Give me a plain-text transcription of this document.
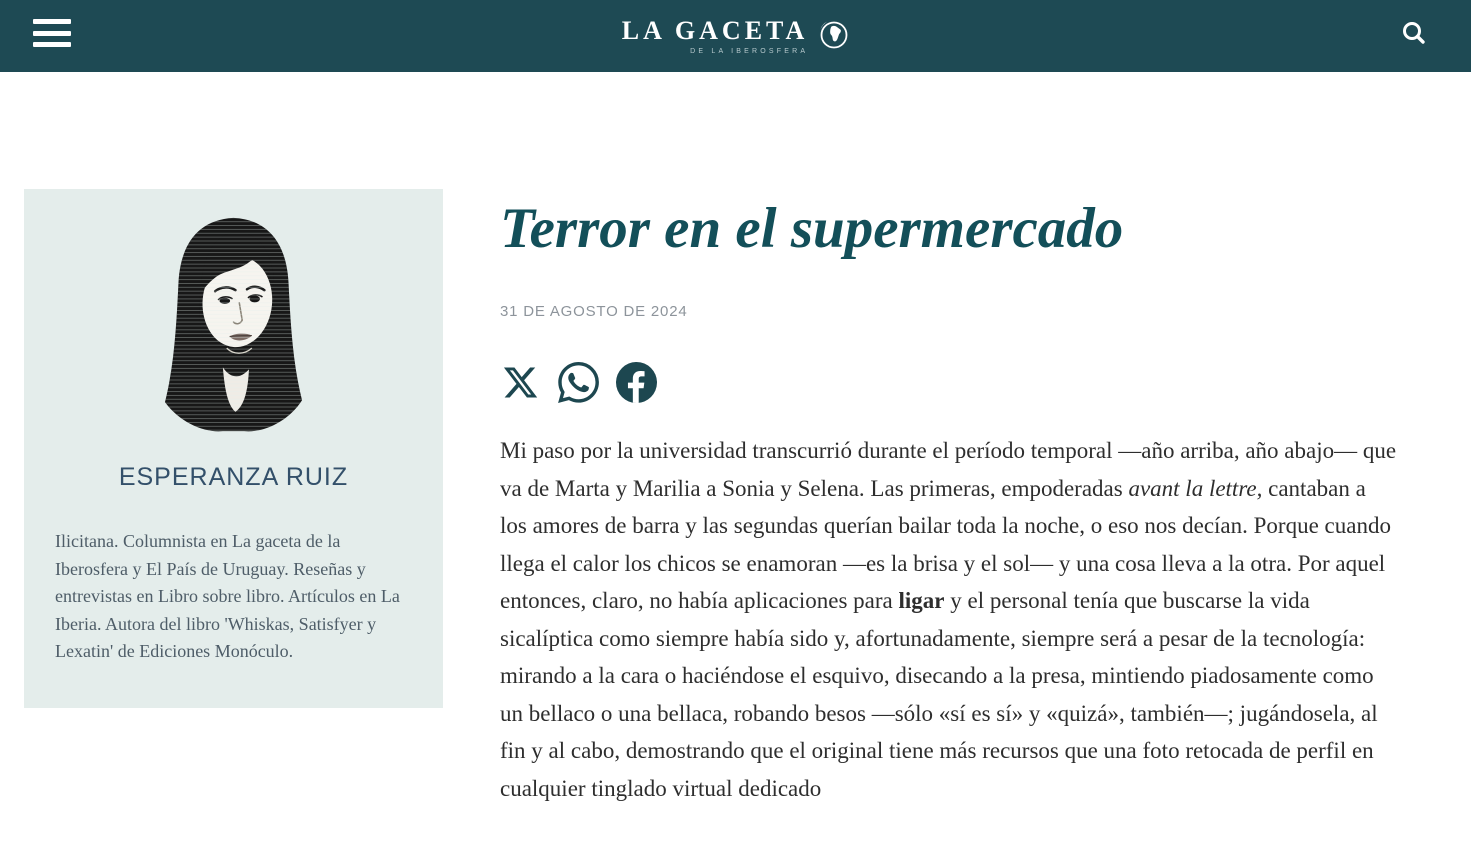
LA GACETA
DE LA IBEROSFERA
ESPERANZA RUIZ

Ilicitana. Columnista en La gaceta de la Iberosfera y El País de Uruguay. Reseñas y entrevistas en Libro sobre libro. Artículos en La Iberia. Autora del libro 'Whiskas, Satisfyer y Lexatin' de Ediciones Monóculo.

Terror en el supermercado
31 DE AGOSTO DE 2024

Mi paso por la universidad transcurrió durante el período temporal —año arriba, año abajo— que va de Marta y Marilia a Sonia y Selena. Las primeras, empoderadas avant la lettre, cantaban a los amores de barra y las segundas querían bailar toda la noche, o eso nos decían. Porque cuando llega el calor los chicos se enamoran —es la brisa y el sol— y una cosa lleva a la otra. Por aquel entonces, claro, no había aplicaciones para ligar y el personal tenía que buscarse la vida sicalíptica como siempre había sido y, afortunadamente, siempre será a pesar de la tecnología: mirando a la cara o haciéndose el esquivo, disecando a la presa, mintiendo piadosamente como un bellaco o una bellaca, robando besos —sólo «sí es sí» y «quizá», también—; jugándosela, al fin y al cabo, demostrando que el original tiene más recursos que una foto retocada de perfil en cualquier tinglado virtual dedicado
